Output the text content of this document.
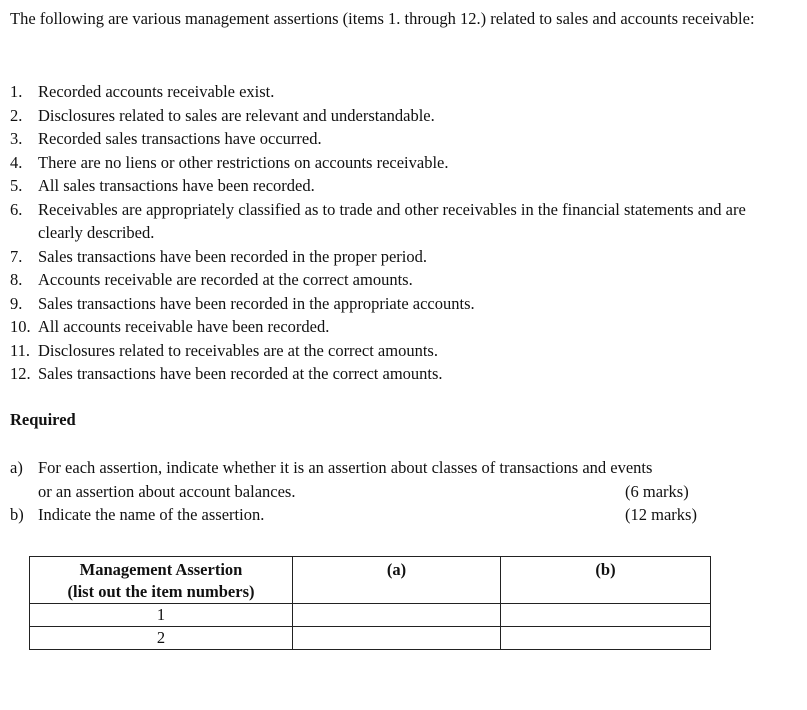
The following are various management assertions (items 1. through 12.) related to sales and accounts receivable:
1. Recorded accounts receivable exist.
2. Disclosures related to sales are relevant and understandable.
3. Recorded sales transactions have occurred.
4. There are no liens or other restrictions on accounts receivable.
5. All sales transactions have been recorded.
6. Receivables are appropriately classified as to trade and other receivables in the financial statements and are clearly described.
7. Sales transactions have been recorded in the proper period.
8. Accounts receivable are recorded at the correct amounts.
9. Sales transactions have been recorded in the appropriate accounts.
10. All accounts receivable have been recorded.
11. Disclosures related to receivables are at the correct amounts.
12. Sales transactions have been recorded at the correct amounts.
Required
a) For each assertion, indicate whether it is an assertion about classes of transactions and events
or an assertion about account balances.	(6 marks)
b) Indicate the name of the assertion.	(12 marks)
Management Assertion
(list out the item numbers)	(a)	(b)
1		
2		
